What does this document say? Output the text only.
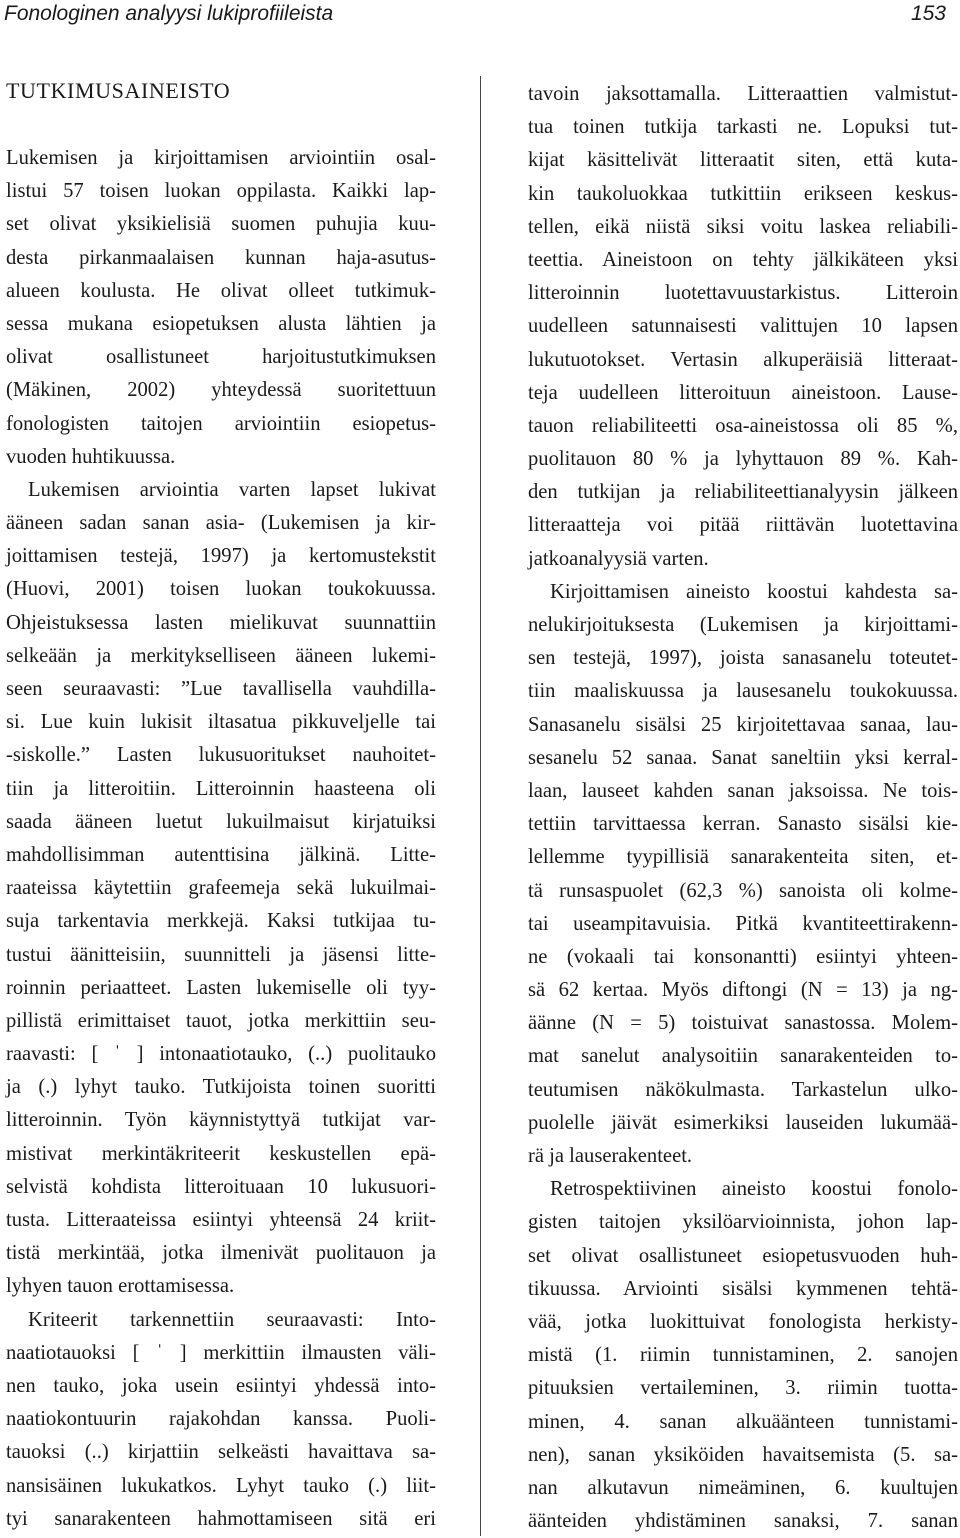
Fonologinen analyysi lukiprofiileista	153
TUTKIMUSAINEISTO
Lukemisen ja kirjoittamisen arviointiin osal-
listui 57 toisen luokan oppilasta. Kaikki lap-
set olivat yksikielisiä suomen puhujia kuu-
desta pirkanmaalaisen kunnan haja-asutus-
alueen koulusta. He olivat olleet tutkimuk-
sessa mukana esiopetuksen alusta lähtien ja
olivat osallistuneet harjoitustutkimuksen
(Mäkinen, 2002) yhteydessä suoritettuun
fonologisten taitojen arviointiin esiopetus-
vuoden huhtikuussa.
Lukemisen arviointia varten lapset lukivat
ääneen sadan sanan asia- (Lukemisen ja kir-
joittamisen testejä, 1997) ja kertomustekstit
(Huovi, 2001) toisen luokan toukokuussa.
Ohjeistuksessa lasten mielikuvat suunnattiin
selkeään ja merkitykselliseen ääneen lukemi-
seen seuraavasti: ”Lue tavallisella vauhdilla-
si. Lue kuin lukisit iltasatua pikkuveljelle tai
-siskolle.” Lasten lukusuoritukset nauhoitet-
tiin ja litteroitiin. Litteroinnin haasteena oli
saada ääneen luetut lukuilmaisut kirjatuiksi
mahdollisimman autenttisina jälkinä. Litte-
raateissa käytettiin grafeemeja sekä lukuilmai-
suja tarkentavia merkkejä. Kaksi tutkijaa tu-
tustui äänitteisiin, suunnitteli ja jäsensi litte-
roinnin periaatteet. Lasten lukemiselle oli tyy-
pillistä erimittaiset tauot, jotka merkittiin seu-
raavasti: [ ˈ ] intonaatiotauko, (..) puolitauko
ja (.) lyhyt tauko. Tutkijoista toinen suoritti
litteroinnin. Työn käynnistyttyä tutkijat var-
mistivat merkintäkriteerit keskustellen epä-
selvistä kohdista litteroituaan 10 lukusuori-
tusta. Litteraateissa esiintyi yhteensä 24 kriit-
tistä merkintää, jotka ilmenivät puolitauon ja
lyhyen tauon erottamisessa.
Kriteerit tarkennettiin seuraavasti: Into-
naatiotauoksi [ ˈ ] merkittiin ilmausten väli-
nen tauko, joka usein esiintyi yhdessä into-
naatiokontuurin rajakohdan kanssa. Puoli-
tauoksi (..) kirjattiin selkeästi havaittava sa-
nansisäinen lukukatkos. Lyhyt tauko (.) liit-
tyi sanarakenteen hahmottamiseen sitä eri
tavoin jaksottamalla. Litteraattien valmistut-
tua toinen tutkija tarkasti ne. Lopuksi tut-
kijat käsittelivät litteraatit siten, että kuta-
kin taukoluokkaa tutkittiin erikseen keskus-
tellen, eikä niistä siksi voitu laskea reliabili-
teettia. Aineistoon on tehty jälkikäteen yksi
litteroinnin luotettavuustarkistus. Litteroin
uudelleen satunnaisesti valittujen 10 lapsen
lukutuotokset. Vertasin alkuperäisiä litteraat-
teja uudelleen litteroituun aineistoon. Lause-
tauon reliabiliteetti osa-aineistossa oli 85 %,
puolitauon 80 % ja lyhyttauon 89 %. Kah-
den tutkijan ja reliabiliteettianalyysin jälkeen
litteraatteja voi pitää riittävän luotettavina
jatkoanalyysiä varten.
Kirjoittamisen aineisto koostui kahdesta sa-
nelukirjoituksesta (Lukemisen ja kirjoittami-
sen testejä, 1997), joista sanasanelu toteutet-
tiin maaliskuussa ja lausesanelu toukokuussa.
Sanasanelu sisälsi 25 kirjoitettavaa sanaa, lau-
sesanelu 52 sanaa. Sanat saneltiin yksi kerral-
laan, lauseet kahden sanan jaksoissa. Ne tois-
tettiin tarvittaessa kerran. Sanasto sisälsi kie-
lellemme tyypillisiä sanarakenteita siten, et-
tä runsaspuolet (62,3 %) sanoista oli kolme-
tai useampitavuisia. Pitkä kvantiteettirakenn-
ne (vokaali tai konsonantti) esiintyi yhteen-
sä 62 kertaa. Myös diftongi (N = 13) ja ng-
äänne (N = 5) toistuivat sanastossa. Molem-
mat sanelut analysoitiin sanarakenteiden to-
teutumisen näkökulmasta. Tarkastelun ulko-
puolelle jäivät esimerkiksi lauseiden lukumää-
rä ja lauserakenteet.
Retrospektiivinen aineisto koostui fonolo-
gisten taitojen yksilöarvioinnista, johon lap-
set olivat osallistuneet esiopetusvuoden huh-
tikuussa. Arviointi sisälsi kymmenen tehtä-
vää, jotka luokittuivat fonologista herkisty-
mistä (1. riimin tunnistaminen, 2. sanojen
pituuksien vertaileminen, 3. riimin tuotta-
minen, 4. sanan alkuäänteen tunnistami-
nen), sanan yksiköiden havaitsemista (5. sa-
nan alkutavun nimeäminen, 6. kuultujen
äänteiden yhdistäminen sanaksi, 7. sanan
